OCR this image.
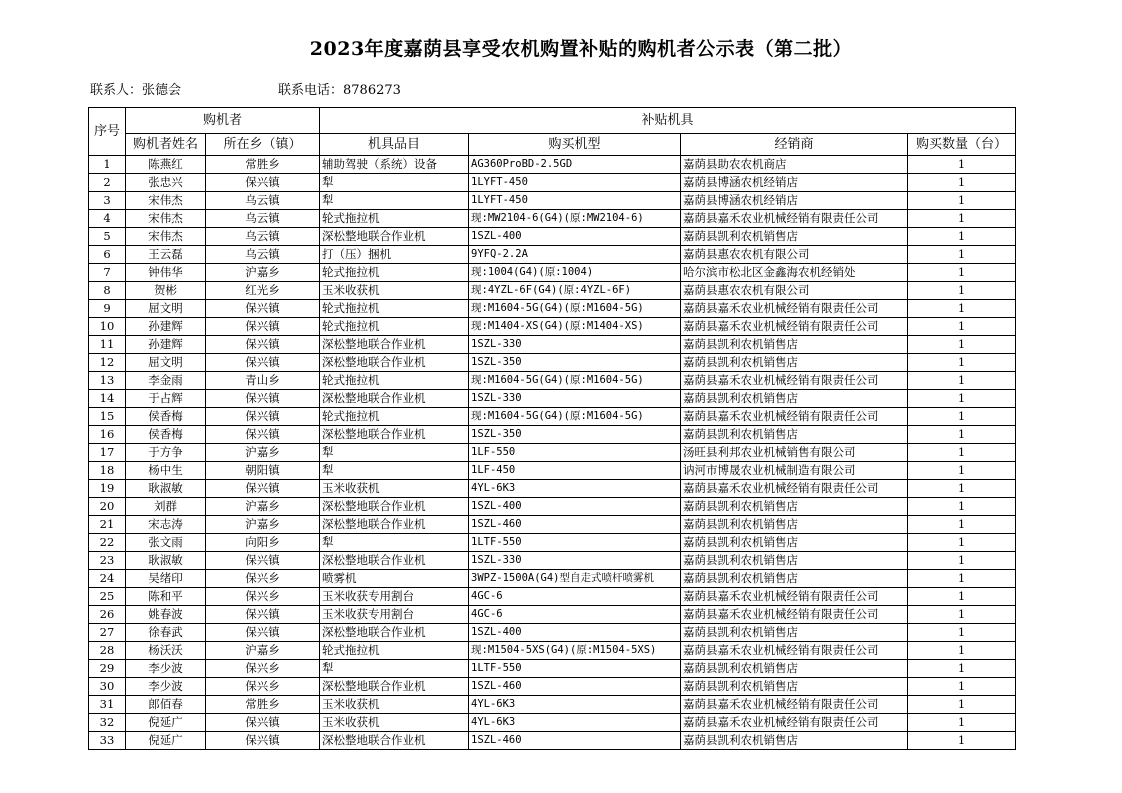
2023年度嘉荫县享受农机购置补贴的购机者公示表（第二批）
联系人：张德会	联系电话：8786273
序号	购机者		补贴机具			
	购机者姓名	所在乡（镇）	机具品目	购买机型	经销商	购买数量（台）
1	陈燕红	常胜乡	辅助驾驶（系统）设备	AG360ProBD-2.5GD	嘉荫县助农农机商店	1
2	张忠兴	保兴镇	犁	1LYFT-450	嘉荫县博涵农机经销店	1
3	宋伟杰	乌云镇	犁	1LYFT-450	嘉荫县博涵农机经销店	1
4	宋伟杰	乌云镇	轮式拖拉机	现:MW2104-6(G4)(原:MW2104-6)	嘉荫县嘉禾农业机械经销有限责任公司	1
5	宋伟杰	乌云镇	深松整地联合作业机	1SZL-400	嘉荫县凯利农机销售店	1
6	王云磊	乌云镇	打（压）捆机	9YFQ-2.2A	嘉荫县惠农农机有限公司	1
7	钟伟华	沪嘉乡	轮式拖拉机	现:1004(G4)(原:1004)	哈尔滨市松北区金鑫海农机经销处	1
8	贺彬	红光乡	玉米收获机	现:4YZL-6F(G4)(原:4YZL-6F)	嘉荫县惠农农机有限公司	1
9	屈文明	保兴镇	轮式拖拉机	现:M1604-5G(G4)(原:M1604-5G)	嘉荫县嘉禾农业机械经销有限责任公司	1
10	孙建辉	保兴镇	轮式拖拉机	现:M1404-XS(G4)(原:M1404-XS)	嘉荫县嘉禾农业机械经销有限责任公司	1
11	孙建辉	保兴镇	深松整地联合作业机	1SZL-330	嘉荫县凯利农机销售店	1
12	屈文明	保兴镇	深松整地联合作业机	1SZL-350	嘉荫县凯利农机销售店	1
13	李金雨	青山乡	轮式拖拉机	现:M1604-5G(G4)(原:M1604-5G)	嘉荫县嘉禾农业机械经销有限责任公司	1
14	于占辉	保兴镇	深松整地联合作业机	1SZL-330	嘉荫县凯利农机销售店	1
15	侯香梅	保兴镇	轮式拖拉机	现:M1604-5G(G4)(原:M1604-5G)	嘉荫县嘉禾农业机械经销有限责任公司	1
16	侯香梅	保兴镇	深松整地联合作业机	1SZL-350	嘉荫县凯利农机销售店	1
17	于方争	沪嘉乡	犁	1LF-550	汤旺县利邦农业机械销售有限公司	1
18	杨中生	朝阳镇	犁	1LF-450	讷河市博晟农业机械制造有限公司	1
19	耿淑敏	保兴镇	玉米收获机	4YL-6K3	嘉荫县嘉禾农业机械经销有限责任公司	1
20	刘群	沪嘉乡	深松整地联合作业机	1SZL-400	嘉荫县凯利农机销售店	1
21	宋志涛	沪嘉乡	深松整地联合作业机	1SZL-460	嘉荫县凯利农机销售店	1
22	张文雨	向阳乡	犁	1LTF-550	嘉荫县凯利农机销售店	1
23	耿淑敏	保兴镇	深松整地联合作业机	1SZL-330	嘉荫县凯利农机销售店	1
24	吴绪印	保兴乡	喷雾机	3WPZ-1500A(G4)型自走式喷杆喷雾机	嘉荫县凯利农机销售店	1
25	陈和平	保兴乡	玉米收获专用割台	4GC-6	嘉荫县嘉禾农业机械经销有限责任公司	1
26	姚春波	保兴镇	玉米收获专用割台	4GC-6	嘉荫县嘉禾农业机械经销有限责任公司	1
27	徐春武	保兴镇	深松整地联合作业机	1SZL-400	嘉荫县凯利农机销售店	1
28	杨沃沃	沪嘉乡	轮式拖拉机	现:M1504-5XS(G4)(原:M1504-5XS)	嘉荫县嘉禾农业机械经销有限责任公司	1
29	李少波	保兴乡	犁	1LTF-550	嘉荫县凯利农机销售店	1
30	李少波	保兴乡	深松整地联合作业机	1SZL-460	嘉荫县凯利农机销售店	1
31	郎佰春	常胜乡	玉米收获机	4YL-6K3	嘉荫县嘉禾农业机械经销有限责任公司	1
32	倪延广	保兴镇	玉米收获机	4YL-6K3	嘉荫县嘉禾农业机械经销有限责任公司	1
33	倪延广	保兴镇	深松整地联合作业机	1SZL-460	嘉荫县凯利农机销售店	1
